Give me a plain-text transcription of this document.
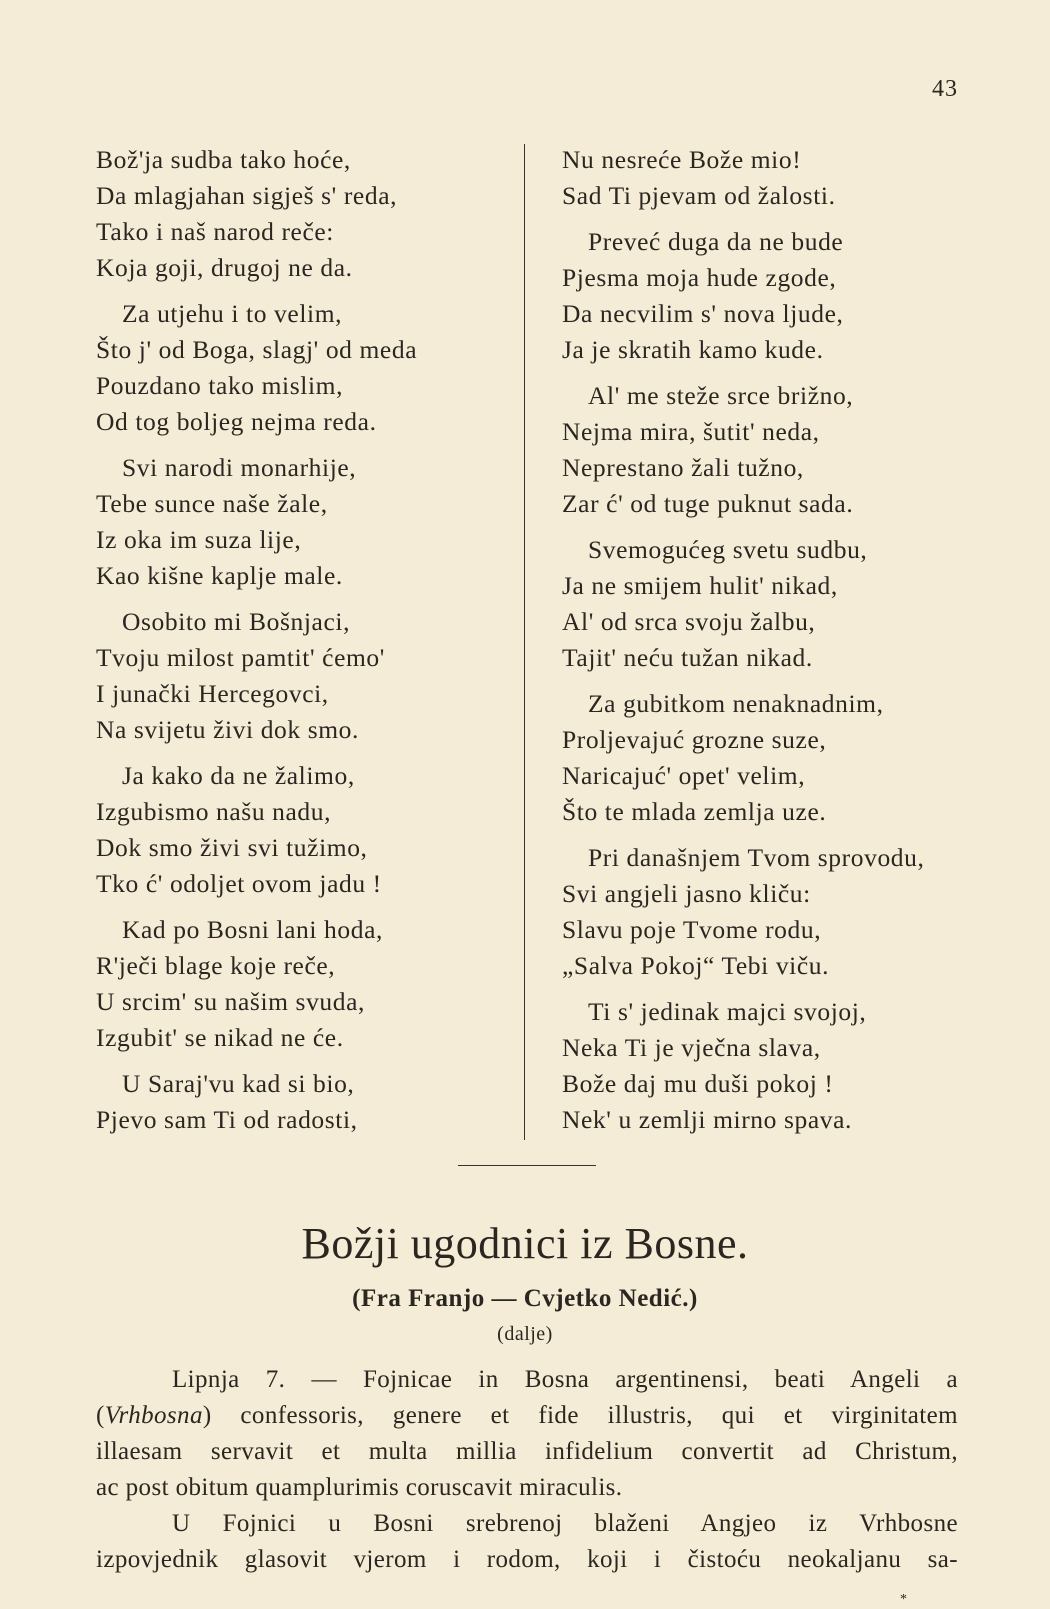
43
Bož'ja sudba tako hoće,
Da mlagjahan sigješ s' reda,
Tako i naš narod reče:
Koja goji, drugoj ne da.
Za utjehu i to velim,
Što j' od Boga, slagj' od meda
Pouzdano tako mislim,
Od tog boljeg nejma reda.
Svi narodi monarhije,
Tebe sunce naše žale,
Iz oka im suza lije,
Kao kišne kaplje male.
Osobito mi Bošnjaci,
Tvoju milost pamtit' ćemo'
I junački Hercegovci,
Na svijetu živi dok smo.
Ja kako da ne žalimo,
Izgubismo našu nadu,
Dok smo živi svi tužimo,
Tko ć' odoljet ovom jadu !
Kad po Bosni lani hoda,
R'ječi blage koje reče,
U srcim' su našim svuda,
Izgubit' se nikad ne će.
U Saraj'vu kad si bio,
Pjevo sam Ti od radosti,
Nu nesreće Bože mio!
Sad Ti pjevam od žalosti.
Preveć duga da ne bude
Pjesma moja hude zgode,
Da necvilim s' nova ljude,
Ja je skratih kamo kude.
Al' me steže srce brižno,
Nejma mira, šutit' neda,
Neprestano žali tužno,
Zar ć' od tuge puknut sada.
Svemogućeg svetu sudbu,
Ja ne smijem hulit' nikad,
Al' od srca svoju žalbu,
Tajit' neću tužan nikad.
Za gubitkom nenaknadnim,
Proljevajuć grozne suze,
Naricajuć' opet' velim,
Što te mlada zemlja uze.
Pri današnjem Tvom sprovodu,
Svi angjeli jasno kliču:
Slavu poje Tvome rodu,
„Salva Pokoj“ Tebi viču.
Ti s' jedinak majci svojoj,
Neka Ti je vječna slava,
Bože daj mu duši pokoj !
Nek' u zemlji mirno spava.
Božji ugodnici iz Bosne.
(Fra Franjo — Cvjetko Nedić.)
(dalje)
Lipnja 7. — Fojnicae in Bosna argentinensi, beati Angeli a
(Vrhbosna) confessoris, genere et fide illustris, qui et virginitatem
illaesam servavit et multa millia infidelium convertit ad Christum,
ac post obitum quamplurimis coruscavit miraculis.
U Fojnici u Bosni srebrenoj blaženi Angjeo iz Vrhbosne
izpovjednik glasovit vjerom i rodom, koji i čistoću neokaljanu sa-
*
